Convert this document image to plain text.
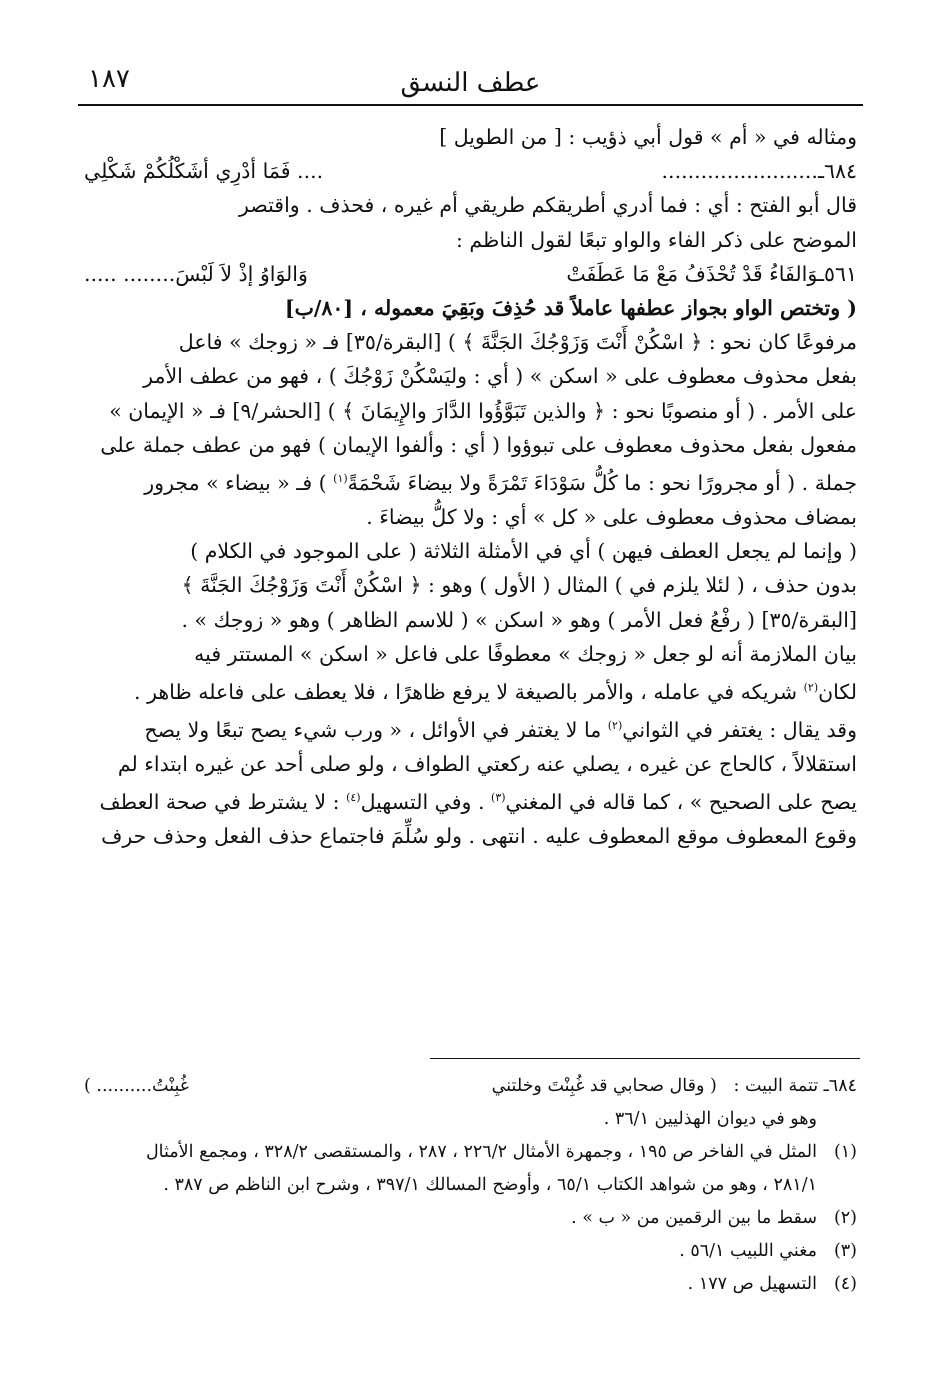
١٨٧	عطف النسق

ومثاله في « أم » قول أبي ذؤيب : [ من الطويل ]

٦٨٤ـ........................
.... فَمَا أدْرِي أشَكْلُكُمْ شَكْلِي

قال أبو الفتح : أي : فما أدري أطريقكم طريقي أم غيره ، فحذف . واقتصر

الموضح على ذكر الفاء والواو تبعًا لقول الناظم :

٥٦١ـوَالفَاءُ قَدْ تُحْذَفُ مَعْ مَا عَطَفَتْ
وَالوَاوُ إذْ لاَ لَبْسَ........ .....

( وتختص الواو بجواز عطفها عاملاً قد حُذِفَ وبَقِيَ معموله ، [٨٠/ب]

مرفوعًا كان نحو : ﴿ اسْكُنْ أَنْتَ وَزَوْجُكَ الجَنَّةَ ﴾ ) [البقرة/٣٥] فـ « زوجك » فاعل

بفعل محذوف معطوف على « اسكن » ( أي : وليَسْكُنْ زَوْجُكَ ) ، فهو من عطف الأمر

على الأمر . ( أو منصوبًا نحو : ﴿ والذين تَبَوَّؤُوا الدَّارَ والإِيمَانَ ﴾ ) [الحشر/٩] فـ « الإيمان »

مفعول بفعل محذوف معطوف على تبوؤوا ( أي : وألفوا الإيمان ) فهو من عطف جملة على

جملة . ( أو مجرورًا نحو : ما كُلُّ سَوْدَاءَ تَمْرَةً ولا بيضاءَ شَحْمَةً$^{(١)}$ ) فـ « بيضاء » مجرور

بمضاف محذوف معطوف على « كل » أي : ولا كلُّ بيضاءَ .

( وإنما لم يجعل العطف فيهن ) أي في الأمثلة الثلاثة ( على الموجود في الكلام )

بدون حذف ، ( لئلا يلزم في ) المثال ( الأول ) وهو : ﴿ اسْكُنْ أَنْتَ وَزَوْجُكَ الجَنَّةَ ﴾

[البقرة/٣٥] ( رفْعُ فعل الأمر ) وهو « اسكن » ( للاسم الظاهر ) وهو « زوجك » .

بيان الملازمة أنه لو جعل « زوجك » معطوفًا على فاعل « اسكن » المستتر فيه

لكان$^{(٢)}$ شريكه في عامله ، والأمر بالصيغة لا يرفع ظاهرًا ، فلا يعطف على فاعله ظاهر .

وقد يقال : يغتفر في الثواني$^{(٢)}$ ما لا يغتفر في الأوائل ، « ورب شيء يصح تبعًا ولا يصح

استقلالاً ، كالحاج عن غيره ، يصلي عنه ركعتي الطواف ، ولو صلى أحد عن غيره ابتداء لم

يصح على الصحيح » ، كما قاله في المغني$^{(٣)}$ . وفي التسهيل$^{(٤)}$ : لا يشترط في صحة العطف

وقوع المعطوف موقع المعطوف عليه . انتهى . ولو سُلِّمَ فاجتماع حذف الفعل وحذف حرف

٦٨٤ـ تتمة البيت :   ( وقال صحابي قد غُبِنْتَ وخلتني
غُبِنْتُ.......... )

وهو في ديوان الهذليين ٣٦/١ .

(١)المثل في الفاخر ص ١٩٥ ، وجمهرة الأمثال ٢٢٦/٢ ، ٢٨٧ ، والمستقصى ٣٢٨/٢ ، ومجمع الأمثال

٢٨١/١ ، وهو من شواهد الكتاب ٦٥/١ ، وأوضح المسالك ٣٩٧/١ ، وشرح ابن الناظم ص ٣٨٧ .

(٢)سقط ما بين الرقمين من « ب » .

(٣)مغني اللبيب ٥٦/١ .

(٤)التسهيل ص ١٧٧ .
